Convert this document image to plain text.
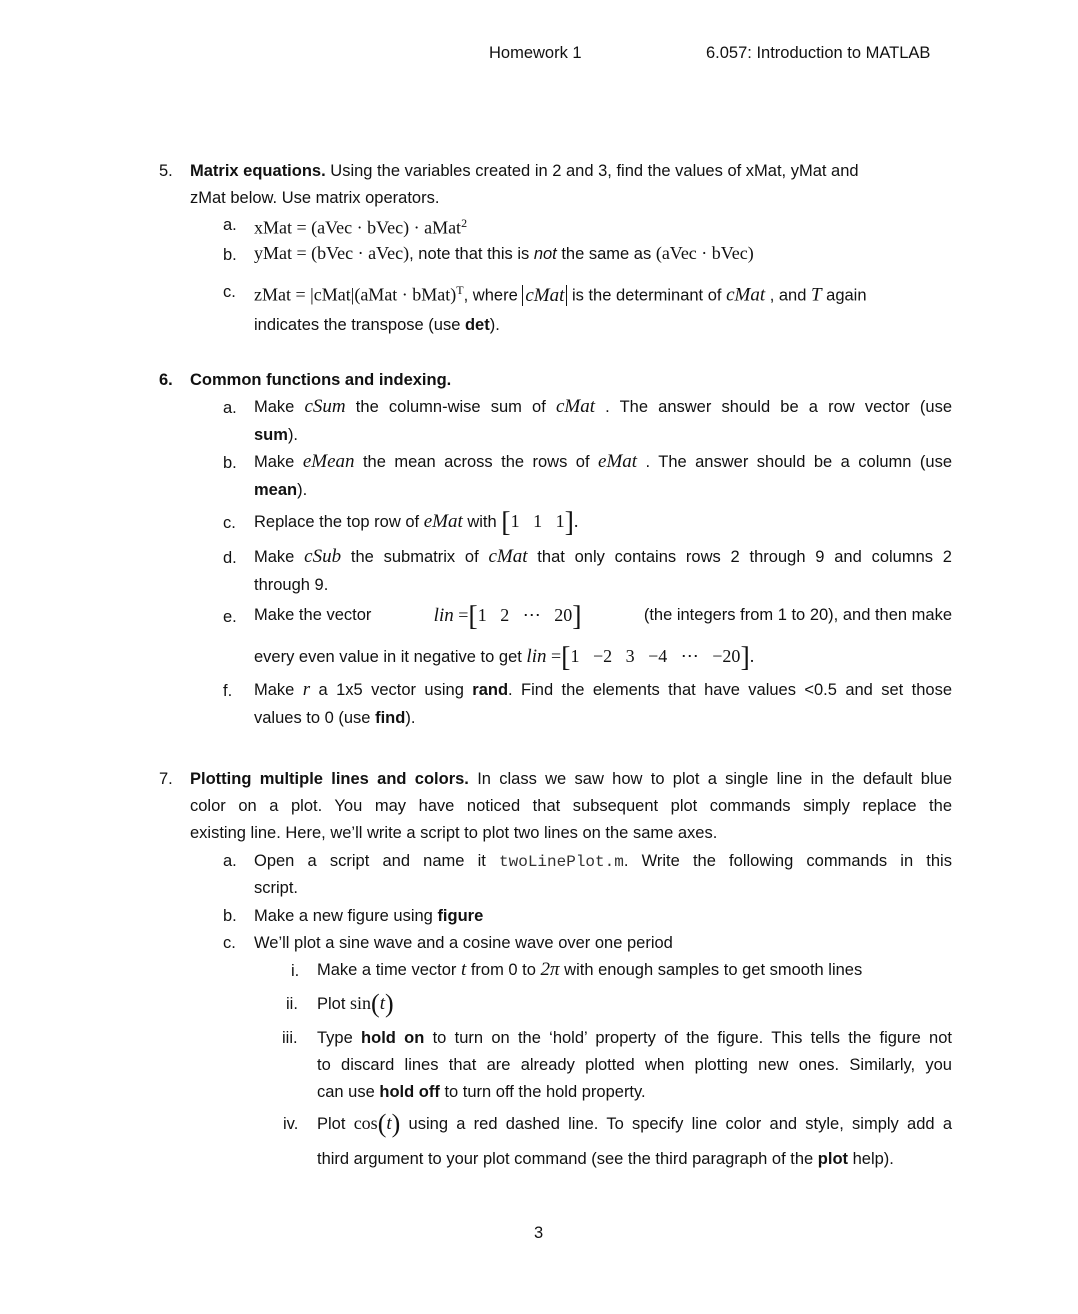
Homework 1	6.057: Introduction to MATLAB
5. Matrix equations. Using the variables created in 2 and 3, find the values of xMat, yMat and
zMat below. Use matrix operators.
a. xMat = (aVec · bVec) · aMat$^2$
b. yMat = (bVec · aVec), note that this is not the same as (aVec · bVec)
c. zMat = |cMat|(aMat · bMat)$^T$, where cMat is the determinant of cMat , and T again
indicates the transpose (use det).
6. Common functions and indexing.
a. Make cSum the column-wise sum of cMat . The answer should be a row vector (use
sum).
b. Make eMean the mean across the rows of eMat . The answer should be a column (use
mean).
c. Replace the top row of eMat with [1   1   1].
d. Make cSub the submatrix of cMat that only contains rows 2 through 9 and columns 2
through 9.
e. Make the vector	lin =[1   2   ⋯   20]	(the integers from 1 to 20), and then make
every even value in it negative to get lin =[1   −2   3   −4   ⋯   −20].
f. Make r a 1x5 vector using rand. Find the elements that have values <0.5 and set those
values to 0 (use find).
7. Plotting multiple lines and colors. In class we saw how to plot a single line in the default blue
color on a plot. You may have noticed that subsequent plot commands simply replace the
existing line. Here, we’ll write a script to plot two lines on the same axes.
a. Open a script and name it twoLinePlot.m. Write the following commands in this
script.
b. Make a new figure using figure
c. We’ll plot a sine wave and a cosine wave over one period
i. Make a time vector t from 0 to 2π with enough samples to get smooth lines
ii. Plot sin(t)
iii. Type hold on to turn on the ‘hold’ property of the figure. This tells the figure not
to discard lines that are already plotted when plotting new ones. Similarly, you
can use hold off to turn off the hold property.
iv. Plot cos(t) using a red dashed line. To specify line color and style, simply add a
third argument to your plot command (see the third paragraph of the plot help).
3
